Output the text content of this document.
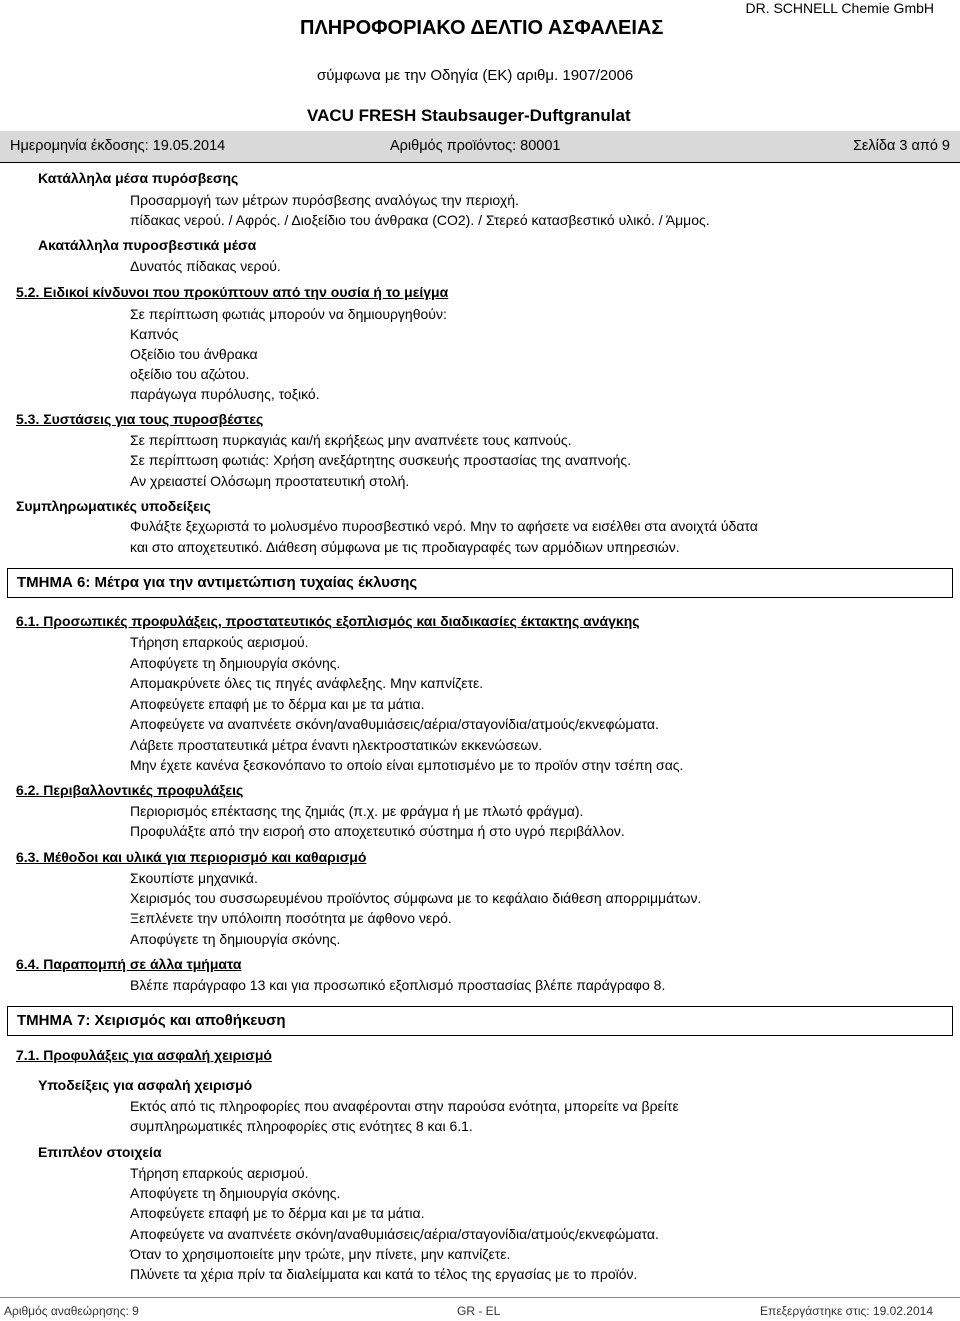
ΠΛΗΡΟΦΟΡΙΑΚΟ ΔΕΛΤΙΟ ΑΣΦΑΛΕΙΑΣ
DR. SCHNELL Chemie GmbH
σύμφωνα με την Οδηγία (ΕΚ) αριθμ. 1907/2006
VACU FRESH Staubsauger-Duftgranulat
Ημερομηνία έκδοσης: 19.05.2014	Αριθμός προϊόντος: 80001	Σελίδα 3 από 9
Κατάλληλα μέσα πυρόσβεσης
Προσαρμογή των μέτρων πυρόσβεσης αναλόγως την περιοχή.
πίδακας νερού. / Αφρός. / Διοξείδιο του άνθρακα (CO2). / Στερεό κατασβεστικό υλικό. / Άμμος.
Ακατάλληλα πυροσβεστικά μέσα
Δυνατός πίδακας νερού.
5.2. Ειδικοί κίνδυνοι που προκύπτουν από την ουσία ή το μείγμα
Σε περίπτωση φωτιάς μπορούν να δημιουργηθούν:
Καπνός
Οξείδιο του άνθρακα
οξείδιο του αζώτου.
παράγωγα πυρόλυσης, τοξικό.
5.3. Συστάσεις για τους πυροσβέστες
Σε περίπτωση πυρκαγιάς και/ή εκρήξεως μην αναπνέετε τους καπνούς.
Σε περίπτωση φωτιάς: Χρήση ανεξάρτητης συσκευής προστασίας της αναπνοής.
Αν χρειαστεί Ολόσωμη προστατευτική στολή.
Συμπληρωματικές υποδείξεις
Φυλάξτε ξεχωριστά το μολυσμένο πυροσβεστικό νερό. Μην το αφήσετε να εισέλθει στα ανοιχτά ύδατα
και στο αποχετευτικό. Διάθεση σύμφωνα με τις προδιαγραφές των αρμόδιων υπηρεσιών.
ΤΜΗΜΑ 6: Μέτρα για την αντιμετώπιση τυχαίας έκλυσης
6.1. Προσωπικές προφυλάξεις, προστατευτικός εξοπλισμός και διαδικασίες έκτακτης ανάγκης
Τήρηση επαρκούς αερισμού.
Αποφύγετε τη δημιουργία σκόνης.
Απομακρύνετε όλες τις πηγές ανάφλεξης. Μην καπνίζετε.
Αποφεύγετε επαφή με το δέρμα και με τα μάτια.
Αποφεύγετε να αναπνέετε σκόνη/αναθυμιάσεις/αέρια/σταγονίδια/ατμούς/εκνεφώματα.
Λάβετε προστατευτικά μέτρα έναντι ηλεκτροστατικών εκκενώσεων.
Μην έχετε κανένα ξεσκονόπανο το οποίο είναι εμποτισμένο με το προϊόν στην τσέπη σας.
6.2. Περιβαλλοντικές προφυλάξεις
Περιορισμός επέκτασης της ζημιάς (π.χ. με φράγμα ή με πλωτό φράγμα).
Προφυλάξτε από την εισροή στο αποχετευτικό σύστημα ή στο υγρό περιβάλλον.
6.3. Μέθοδοι και υλικά για περιορισμό και καθαρισμό
Σκουπίστε μηχανικά.
Χειρισμός του συσσωρευμένου προϊόντος σύμφωνα με το κεφάλαιο διάθεση απορριμμάτων.
Ξεπλένετε την υπόλοιπη ποσότητα με άφθονο νερό.
Αποφύγετε τη δημιουργία σκόνης.
6.4. Παραπομπή σε άλλα τμήματα
Βλέπε παράγραφο 13 και για προσωπικό εξοπλισμό προστασίας βλέπε παράγραφο 8.
ΤΜΗΜΑ 7: Χειρισμός και αποθήκευση
7.1. Προφυλάξεις για ασφαλή χειρισμό
Υποδείξεις για ασφαλή χειρισμό
Εκτός από τις πληροφορίες που αναφέρονται στην παρούσα ενότητα, μπορείτε να βρείτε
συμπληρωματικές πληροφορίες στις ενότητες 8 και 6.1.
Επιπλέον στοιχεία
Τήρηση επαρκούς αερισμού.
Αποφύγετε τη δημιουργία σκόνης.
Αποφεύγετε επαφή με το δέρμα και με τα μάτια.
Αποφεύγετε να αναπνέετε σκόνη/αναθυμιάσεις/αέρια/σταγονίδια/ατμούς/εκνεφώματα.
Όταν το χρησιμοποιείτε μην τρώτε, μην πίνετε, μην καπνίζετε.
Πλύνετε τα χέρια πρίν τα διαλείμματα και κατά το τέλος της εργασίας με το προϊόν.
Αριθμός αναθεώρησης: 9	GR - EL	Επεξεργάστηκε στις: 19.02.2014
